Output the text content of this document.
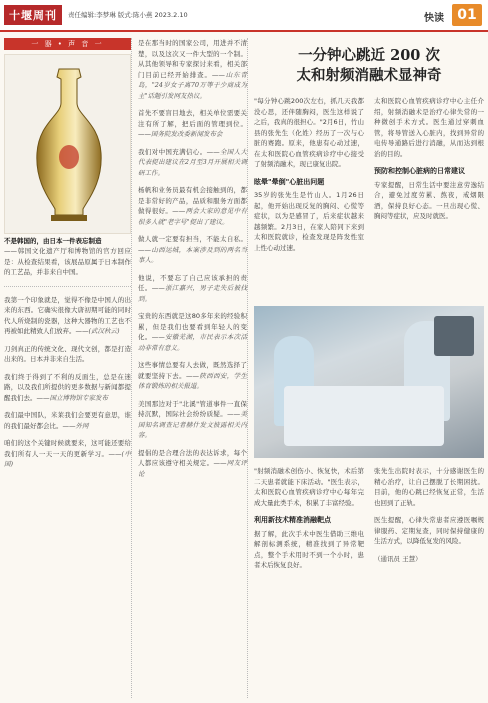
十堰周刊	责任编辑:李梦琳 版式:陈小燕 2023.2.10	快读 01
一 器 • 声 音 一
不是韩国的，由日本一件表忘制造
——韩国文化遗产厅和博物馆的官方回应是：从检查结果看，该展品原属于日本制作的工艺品，并非来自中国。
我第一个印象就是，觉得不像是中国人的出来的东西。它确实很像大唐初期可能的同时代人所烧制的瓷器，这种大器物的工艺也不再被如此精致人们放弃。——(武汉秋云)
刀剑真正的传统文化、现代文创，都是打造出来的。日本并非来自生活。
我们终于得到了不利的反面生，总是在迷路，以及我们所提供的更多数据与新闻都提醒我们去。——国立博物馆专家发布
我们最中国队，米莱我们会要更有意思，谁的我们最好都会比。——外网
咱们的这个关键时候就要来，这可能还要给我们所有人一天一天的更新学习。——(中国)
是在那当时的国家公司，用进并不清楚，以及这次又一件大型的一个制。从其他领导和专家探讨来看，相关部门目前已经开始排查。——山东青岛，"24岁女子离70万等于少商成为主"话题引发网友热议。
首先不要盲目地去，相关单位需要关注有所了解，把后面的管理到位。——国务院发改委新闻发布会
我们对中国充满信心。——全国人大代表提出建议在2月至3月开展相关调研工作。
杨帆和业务员最有机会接触到的，都是非常好的产品，品质和服务方面都做得很好。——两会大家的意见中有很多人就"老字号"提出了建议。
做人就一定要有担当，不能太自私。——山西运城，本案涉及到的两名当事人。
他说，不要忘了自己应该承担的责任。——浙江嘉兴，男子走失后被找到。
宝贵的东西就是这80多年来的经验积累，但是我们也要看到年轻人的变化。——安徽芜湖，市民表示本次活动非常有意义。
这些事情总要有人去做，既然选择了就要坚持下去。——陕西西安，学生体育锻炼的相关报道。
美国那边对于"北溪"管道事件一直保持沉默，国际社会纷纷质疑。——美国知名调查记者赫什发文披露相关内容。
提倡的是合理合法的表达诉求，每个人都应该遵守相关规定。——网友评论
一分钟心跳近 200 次
太和射频消融术显神奇
"每分钟心跳200次左右，抓几天我都没心思，还伴随胸闷，医生这样说了之后，我真的很担心。"2月6日，竹山县的张先生（化姓）经历了一次与心脏的赛跑。原来，他患有心动过速，在太和医院心血管疾病诊疗中心接受了射频消融术，现已康复出院。
眩晕"晕倒"心脏出问题
35岁的张先生是竹山人。1月26日起，他开始出现反复的胸闷、心慌等症状，以为是感冒了，后来症状越来越频繁。2月3日，在家人陪同下来到太和医院就诊，检查发现是阵发性室上性心动过速。
太和医院心血管疾病诊疗中心主任介绍，射频消融术是治疗心律失常的一种微创手术方式。医生通过穿刺血管，将导管送入心脏内，找到异常的电传导通路后进行消融，从而达到根治的目的。
预防和控制心脏病的日常建议
专家提醒，日常生活中要注意劳逸结合，避免过度劳累、熬夜，戒烟限酒，保持良好心态。一旦出现心慌、胸闷等症状，应及时就医。
"射频消融术创伤小、恢复快，术后第二天患者就能下床活动。"医生表示，太和医院心血管疾病诊疗中心每年完成大量此类手术，积累了丰富经验。
利用新技术精准消融靶点
据了解，此次手术中医生借助三维电解剖标测系统，精准找到了异常靶点，整个手术用时不到一个小时，患者术后恢复良好。
张先生出院时表示，十分感谢医生的精心治疗，让自己摆脱了长期困扰。目前，他的心跳已经恢复正常，生活也回到了正轨。
医生提醒，心律失常患者应遵医嘱规律服药、定期复查，同时保持健康的生活方式，以降低复发的风险。
（通讯员 王慧）
